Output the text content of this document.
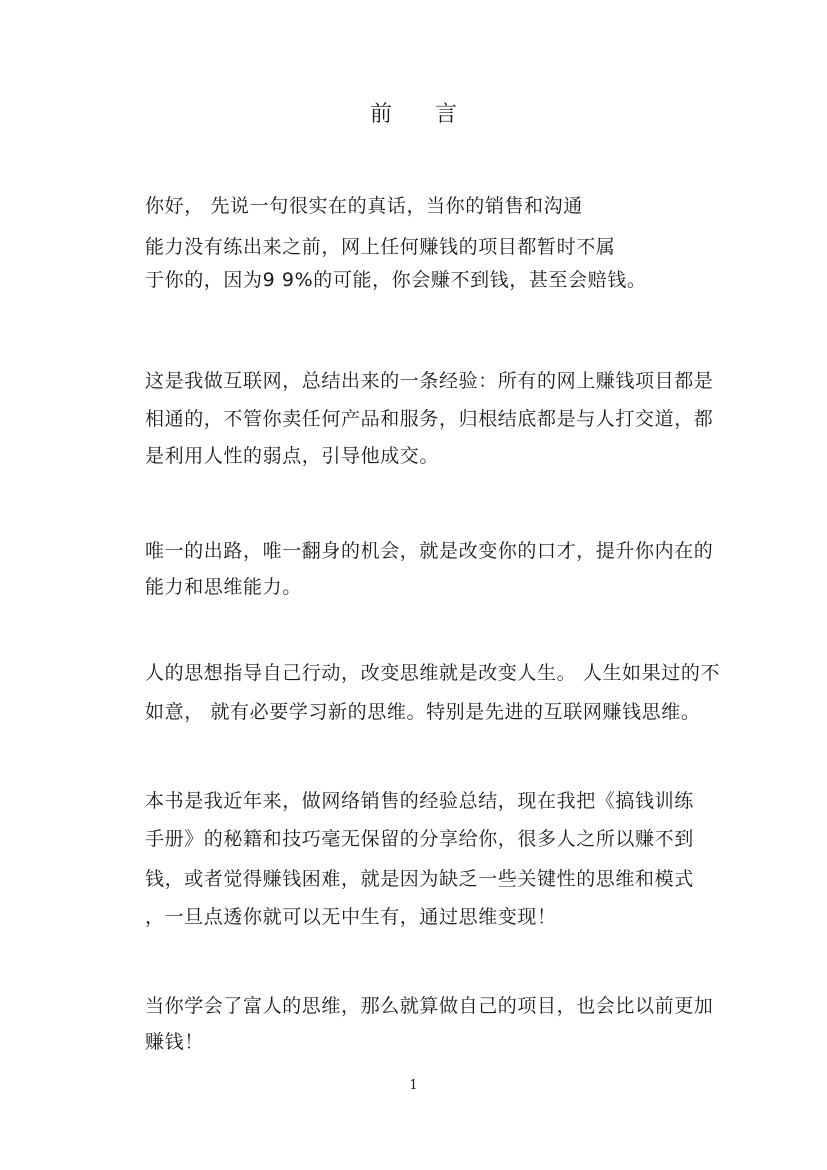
前 言
你好， 先说一句很实在的真话，当你的销售和沟通
能力没有练出来之前，网上任何赚钱的项目都暂时不属
于你的，因为9 9%的可能，你会赚不到钱，甚至会赔钱。
这是我做互联网，总结出来的一条经验：所有的网上赚钱项目都是
相通的，不管你卖任何产品和服务，归根结底都是与人打交道，都
是利用人性的弱点，引导他成交。
唯一的出路，唯一翻身的机会，就是改变你的口才，提升你内在的
能力和思维能力。
人的思想指导自己行动，改变思维就是改变人生。 人生如果过的不
如意， 就有必要学习新的思维。特别是先进的互联网赚钱思维。
本书是我近年来，做网络销售的经验总结，现在我把《搞钱训练
手册》的秘籍和技巧毫无保留的分享给你，很多人之所以赚不到
钱，或者觉得赚钱困难，就是因为缺乏一些关键性的思维和模式
，一旦点透你就可以无中生有，通过思维变现！
当你学会了富人的思维，那么就算做自己的项目，也会比以前更加
赚钱！
1
